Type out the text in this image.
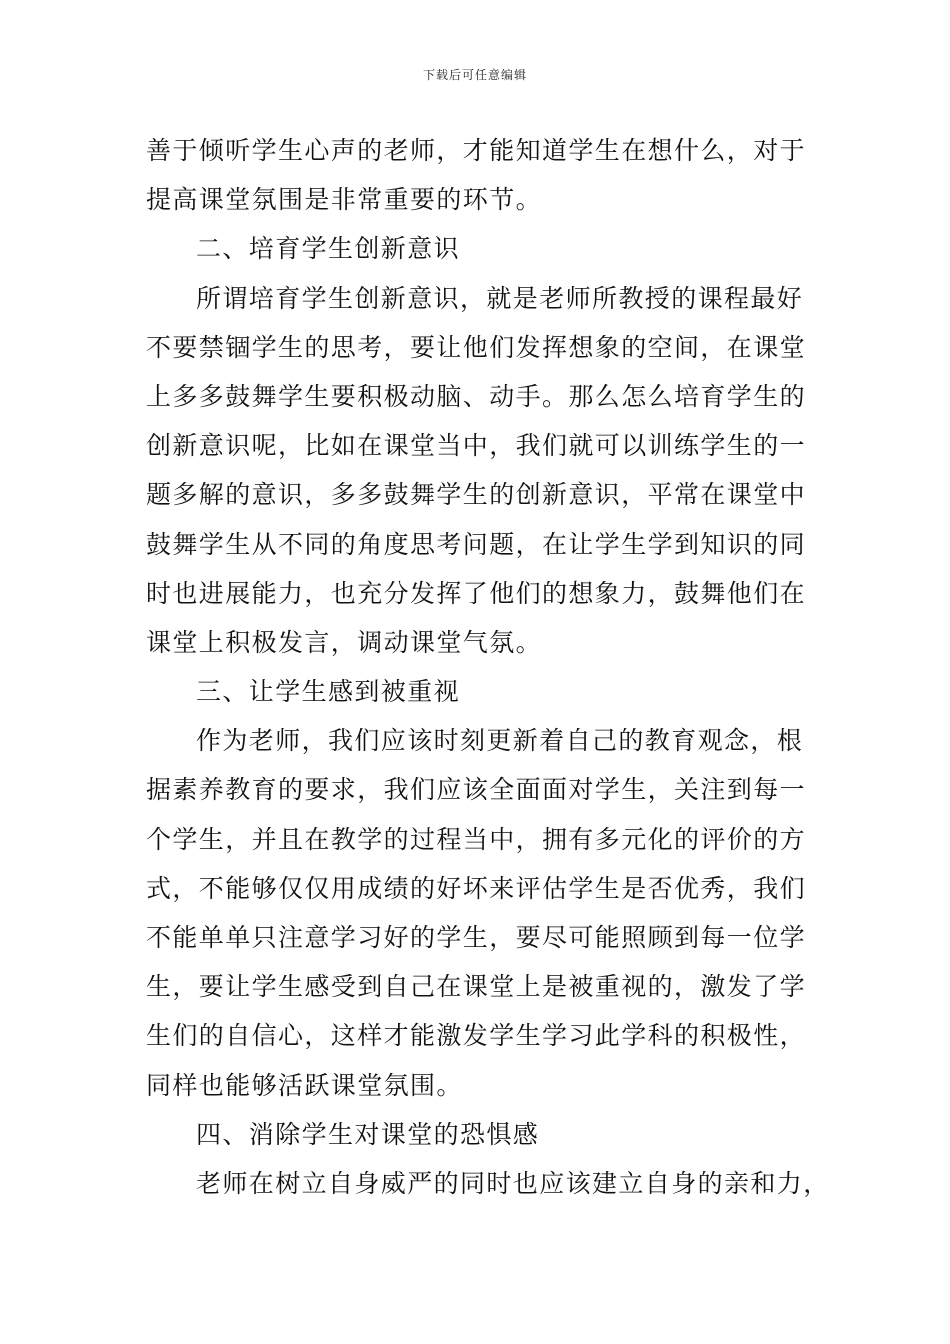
下载后可任意编辑
善于倾听学生心声的老师，才能知道学生在想什么，对于
提高课堂氛围是非常重要的环节。
二、培育学生创新意识
所谓培育学生创新意识，就是老师所教授的课程最好
不要禁锢学生的思考，要让他们发挥想象的空间，在课堂
上多多鼓舞学生要积极动脑、动手。那么怎么培育学生的
创新意识呢，比如在课堂当中，我们就可以训练学生的一
题多解的意识，多多鼓舞学生的创新意识，平常在课堂中
鼓舞学生从不同的角度思考问题，在让学生学到知识的同
时也进展能力，也充分发挥了他们的想象力，鼓舞他们在
课堂上积极发言，调动课堂气氛。
三、让学生感到被重视
作为老师，我们应该时刻更新着自己的教育观念，根
据素养教育的要求，我们应该全面面对学生，关注到每一
个学生，并且在教学的过程当中，拥有多元化的评价的方
式，不能够仅仅用成绩的好坏来评估学生是否优秀，我们
不能单单只注意学习好的学生，要尽可能照顾到每一位学
生，要让学生感受到自己在课堂上是被重视的，激发了学
生们的自信心，这样才能激发学生学习此学科的积极性，
同样也能够活跃课堂氛围。
四、消除学生对课堂的恐惧感
老师在树立自身威严的同时也应该建立自身的亲和力，
